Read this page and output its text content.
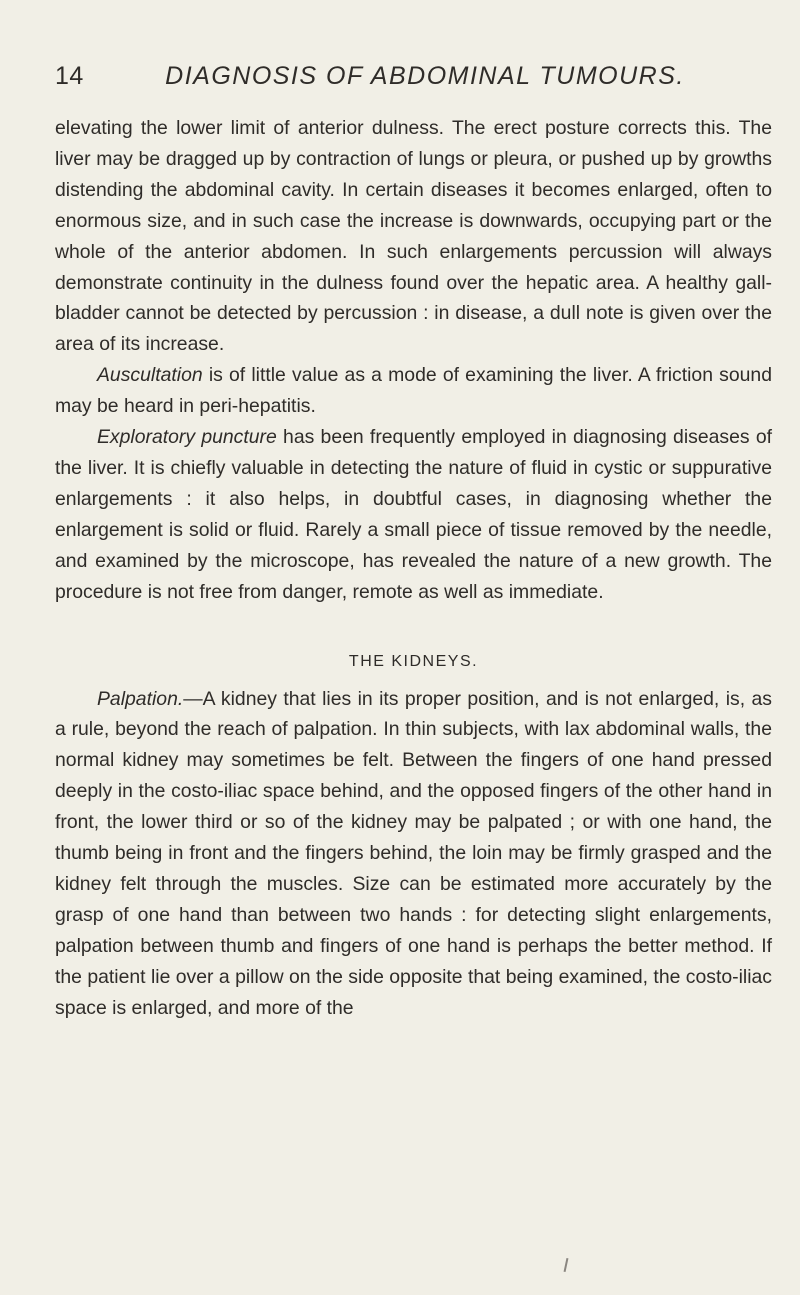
14	DIAGNOSIS OF ABDOMINAL TUMOURS.

elevating the lower limit of anterior dulness. The erect posture corrects this. The liver may be dragged up by contraction of lungs or pleura, or pushed up by growths distending the abdominal cavity. In certain diseases it becomes enlarged, often to enormous size, and in such case the increase is downwards, occupying part or the whole of the anterior abdomen. In such enlargements percussion will always demonstrate continuity in the dulness found over the hepatic area. A healthy gall-bladder cannot be detected by percussion : in disease, a dull note is given over the area of its increase.

Auscultation is of little value as a mode of examining the liver. A friction sound may be heard in peri-hepatitis.

Exploratory puncture has been frequently employed in diagnosing diseases of the liver. It is chiefly valuable in detecting the nature of fluid in cystic or suppurative enlargements : it also helps, in doubtful cases, in diagnosing whether the enlargement is solid or fluid. Rarely a small piece of tissue removed by the needle, and examined by the microscope, has revealed the nature of a new growth. The procedure is not free from danger, remote as well as immediate.

THE KIDNEYS.

Palpation.—A kidney that lies in its proper position, and is not enlarged, is, as a rule, beyond the reach of palpation. In thin subjects, with lax abdominal walls, the normal kidney may sometimes be felt. Between the fingers of one hand pressed deeply in the costo-iliac space behind, and the opposed fingers of the other hand in front, the lower third or so of the kidney may be palpated ; or with one hand, the thumb being in front and the fingers behind, the loin may be firmly grasped and the kidney felt through the muscles. Size can be estimated more accurately by the grasp of one hand than between two hands : for detecting slight enlargements, palpation between thumb and fingers of one hand is perhaps the better method. If the patient lie over a pillow on the side opposite that being examined, the costo-iliac space is enlarged, and more of the
